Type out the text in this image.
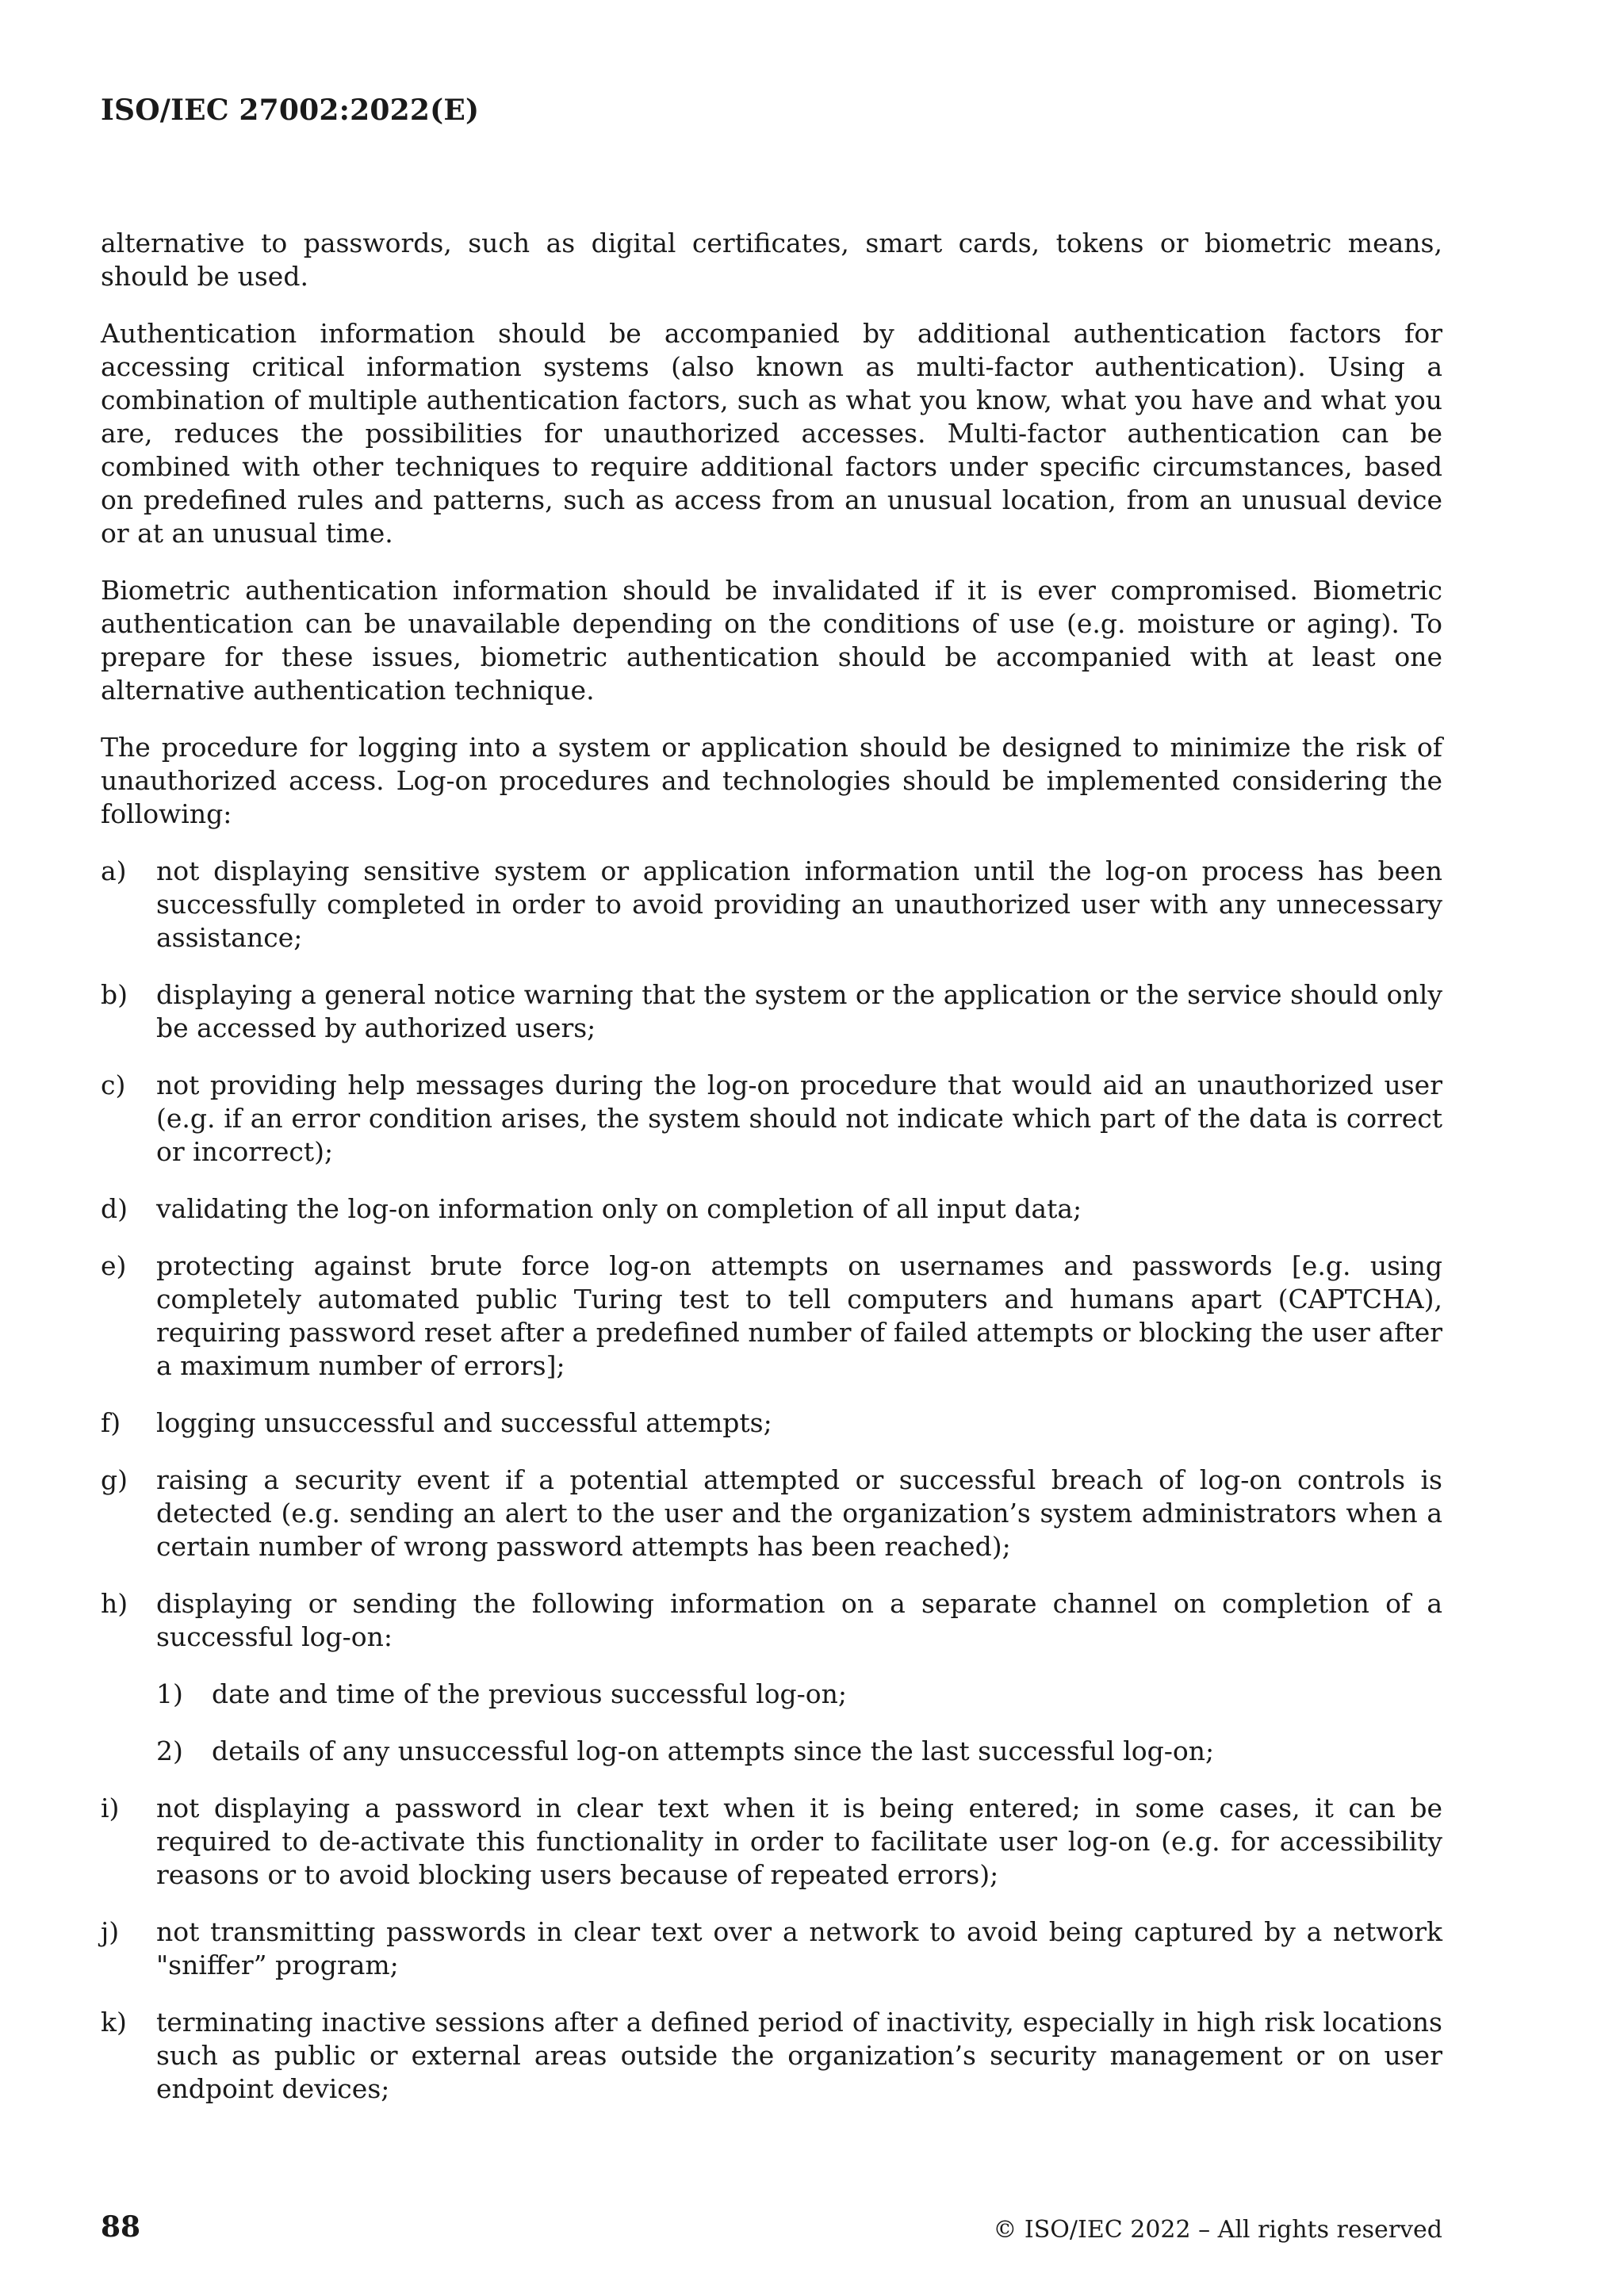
ISO/IEC 27002:2022(E)

alternative to passwords, such as digital certificates, smart cards, tokens or biometric means, should be used.

Authentication information should be accompanied by additional authentication factors for accessing critical information systems (also known as multi-factor authentication). Using a combination of multiple authentication factors, such as what you know, what you have and what you are, reduces the possibilities for unauthorized accesses. Multi-factor authentication can be combined with other techniques to require additional factors under specific circumstances, based on predefined rules and patterns, such as access from an unusual location, from an unusual device or at an unusual time.

Biometric authentication information should be invalidated if it is ever compromised. Biometric authentication can be unavailable depending on the conditions of use (e.g. moisture or aging). To prepare for these issues, biometric authentication should be accompanied with at least one alternative authentication technique.

The procedure for logging into a system or application should be designed to minimize the risk of unauthorized access. Log-on procedures and technologies should be implemented considering the following:

a)	not displaying sensitive system or application information until the log-on process has been successfully completed in order to avoid providing an unauthorized user with any unnecessary assistance;
b)	displaying a general notice warning that the system or the application or the service should only be accessed by authorized users;
c)	not providing help messages during the log-on procedure that would aid an unauthorized user (e.g. if an error condition arises, the system should not indicate which part of the data is correct or incorrect);
d)	validating the log-on information only on completion of all input data;
e)	protecting against brute force log-on attempts on usernames and passwords [e.g. using completely automated public Turing test to tell computers and humans apart (CAPTCHA), requiring password reset after a predefined number of failed attempts or blocking the user after a maximum number of errors];
f)	logging unsuccessful and successful attempts;
g)	raising a security event if a potential attempted or successful breach of log-on controls is detected (e.g. sending an alert to the user and the organization’s system administrators when a certain number of wrong password attempts has been reached);
h)	displaying or sending the following information on a separate channel on completion of a successful log-on:
1)	date and time of the previous successful log-on;
2)	details of any unsuccessful log-on attempts since the last successful log-on;
i)	not displaying a password in clear text when it is being entered; in some cases, it can be required to de-activate this functionality in order to facilitate user log-on (e.g. for accessibility reasons or to avoid blocking users because of repeated errors);
j)	not transmitting passwords in clear text over a network to avoid being captured by a network "sniffer” program;
k)	terminating inactive sessions after a defined period of inactivity, especially in high risk locations such as public or external areas outside the organization’s security management or on user endpoint devices;
88	© ISO/IEC 2022 – All rights reserved
